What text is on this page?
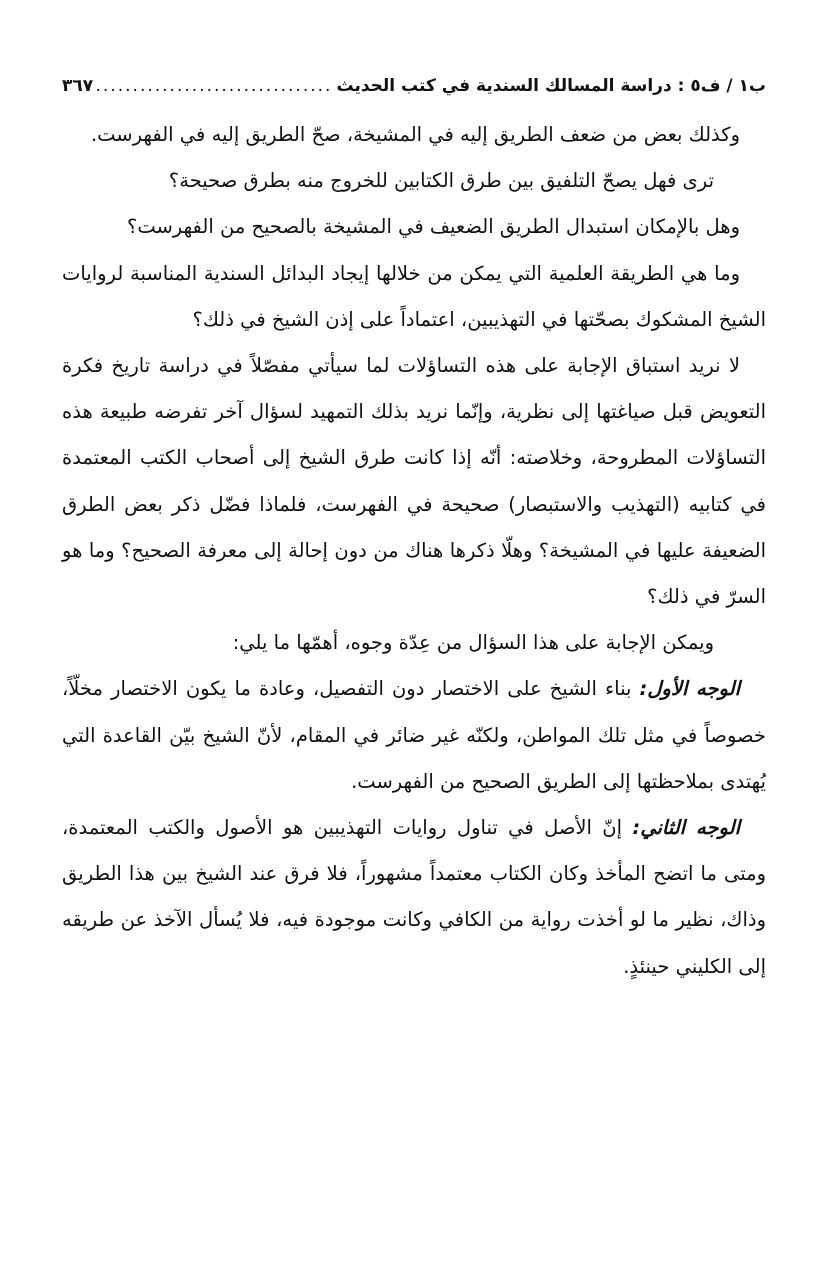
ب١ / ف٥ : دراسة المسالك السندية في كتب الحديث
.....
٣٦٧

وكذلك بعض من ضعف الطريق إليه في المشيخة، صحّ الطريق إليه في الفهرست.

ترى فهل يصحّ التلفيق بين طرق الكتابين للخروج منه بطرق صحيحة؟

وهل بالإمكان استبدال الطريق الضعيف في المشيخة بالصحيح من الفهرست؟

وما هي الطريقة العلمية التي يمكن من خلالها إيجاد البدائل السندية المناسبة لروايات الشيخ المشكوك بصحّتها في التهذيبين، اعتماداً على إذن الشيخ في ذلك؟

لا نريد استباق الإجابة على هذه التساؤلات لما سيأتي مفصّلاً في دراسة تاريخ فكرة التعويض قبل صياغتها إلى نظرية، وإنّما نريد بذلك التمهيد لسؤال آخر تفرضه طبيعة هذه التساؤلات المطروحة، وخلاصته: أنّه إذا كانت طرق الشيخ إلى أصحاب الكتب المعتمدة في كتابيه (التهذيب والاستبصار) صحيحة في الفهرست، فلماذا فضّل ذكر بعض الطرق الضعيفة عليها في المشيخة؟ وهلّا ذكرها هناك من دون إحالة إلى معرفة الصحيح؟ وما هو السرّ في ذلك؟

ويمكن الإجابة على هذا السؤال من عِدّة وجوه، أهمّها ما يلي:

الوجه الأول: بناء الشيخ على الاختصار دون التفصيل، وعادة ما يكون الاختصار مخلّاً، خصوصاً في مثل تلك المواطن، ولكنّه غير ضائر في المقام، لأنّ الشيخ بيّن القاعدة التي يُهتدى بملاحظتها إلى الطريق الصحيح من الفهرست.

الوجه الثاني: إنّ الأصل في تناول روايات التهذيبين هو الأصول والكتب المعتمدة، ومتى ما اتضح المأخذ وكان الكتاب معتمداً مشهوراً، فلا فرق عند الشيخ بين هذا الطريق وذاك، نظير ما لو أخذت رواية من الكافي وكانت موجودة فيه، فلا يُسأل الآخذ عن طريقه إلى الكليني حينئذٍ.
